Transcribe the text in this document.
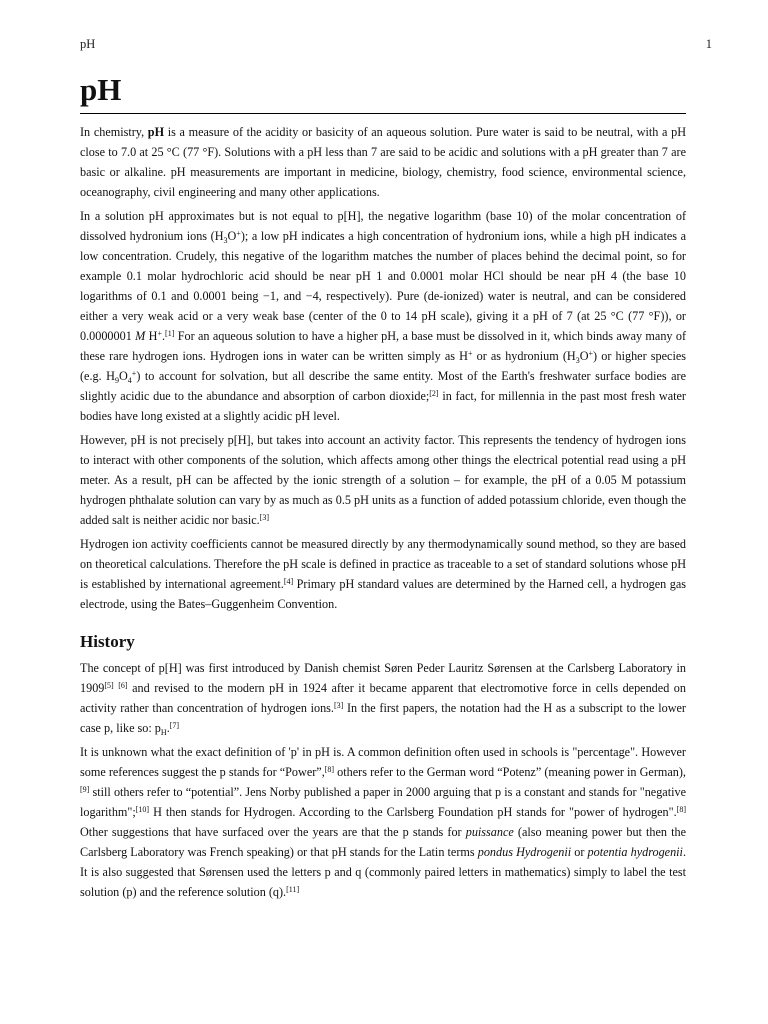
pH	1
pH

In chemistry, pH is a measure of the acidity or basicity of an aqueous solution. Pure water is said to be neutral, with a pH close to 7.0 at 25 °C (77 °F). Solutions with a pH less than 7 are said to be acidic and solutions with a pH greater than 7 are basic or alkaline. pH measurements are important in medicine, biology, chemistry, food science, environmental science, oceanography, civil engineering and many other applications.

In a solution pH approximates but is not equal to p[H], the negative logarithm (base 10) of the molar concentration of dissolved hydronium ions $(H_3O^+)$; a low pH indicates a high concentration of hydronium ions, while a high pH indicates a low concentration. Crudely, this negative of the logarithm matches the number of places behind the decimal point, so for example 0.1 molar hydrochloric acid should be near pH 1 and 0.0001 molar HCl should be near pH 4 (the base 10 logarithms of 0.1 and 0.0001 being −1, and −4, respectively). Pure (de-ionized) water is neutral, and can be considered either a very weak acid or a very weak base (center of the 0 to 14 pH scale), giving it a pH of 7 (at 25 °C (77 °F)), or 0.0000001 M H+.[1] For an aqueous solution to have a higher pH, a base must be dissolved in it, which binds away many of these rare hydrogen ions. Hydrogen ions in water can be written simply as H+ or as hydronium $(H_3O^+)$ or higher species (e.g. $H_9O_4^+$) to account for solvation, but all describe the same entity. Most of the Earth's freshwater surface bodies are slightly acidic due to the abundance and absorption of carbon dioxide;[2] in fact, for millennia in the past most fresh water bodies have long existed at a slightly acidic pH level.

However, pH is not precisely p[H], but takes into account an activity factor. This represents the tendency of hydrogen ions to interact with other components of the solution, which affects among other things the electrical potential read using a pH meter. As a result, pH can be affected by the ionic strength of a solution – for example, the pH of a 0.05 M potassium hydrogen phthalate solution can vary by as much as 0.5 pH units as a function of added potassium chloride, even though the added salt is neither acidic nor basic.[3]

Hydrogen ion activity coefficients cannot be measured directly by any thermodynamically sound method, so they are based on theoretical calculations. Therefore the pH scale is defined in practice as traceable to a set of standard solutions whose pH is established by international agreement.[4] Primary pH standard values are determined by the Harned cell, a hydrogen gas electrode, using the Bates–Guggenheim Convention.

History

The concept of p[H] was first introduced by Danish chemist Søren Peder Lauritz Sørensen at the Carlsberg Laboratory in 1909[5] [6] and revised to the modern pH in 1924 after it became apparent that electromotive force in cells depended on activity rather than concentration of hydrogen ions.[3] In the first papers, the notation had the H as a subscript to the lower case p, like so: $p_H.[7]$

It is unknown what the exact definition of 'p' in pH is. A common definition often used in schools is "percentage". However some references suggest the p stands for “Power”,[8] others refer to the German word “Potenz” (meaning power in German),[9] still others refer to “potential”. Jens Norby published a paper in 2000 arguing that p is a constant and stands for "negative logarithm";[10] H then stands for Hydrogen. According to the Carlsberg Foundation pH stands for "power of hydrogen".[8] Other suggestions that have surfaced over the years are that the p stands for puissance (also meaning power but then the Carlsberg Laboratory was French speaking) or that pH stands for the Latin terms pondus Hydrogenii or potentia hydrogenii. It is also suggested that Sørensen used the letters p and q (commonly paired letters in mathematics) simply to label the test solution (p) and the reference solution (q).[11]
